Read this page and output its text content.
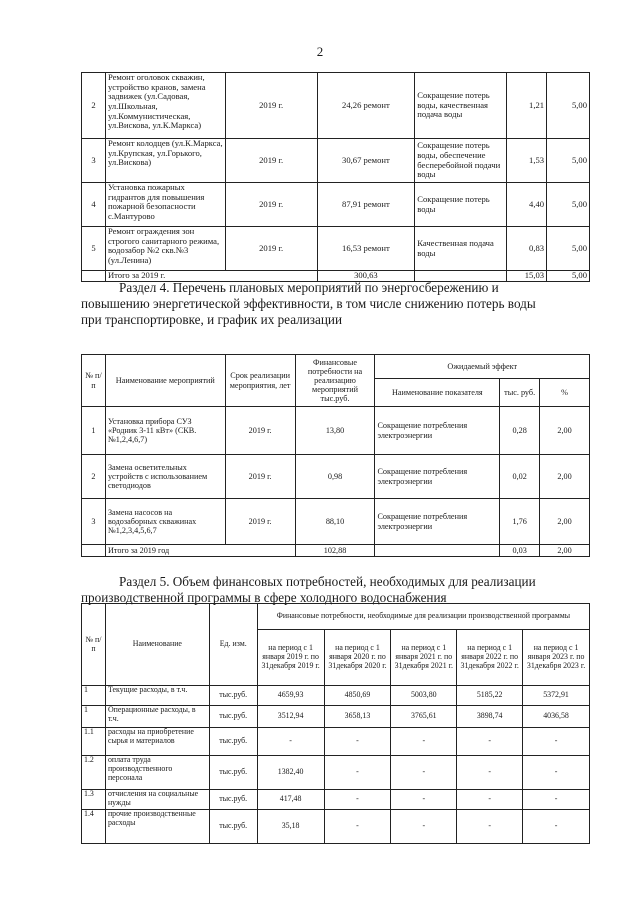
2
2	Ремонт оголовок скважин, устройство кранов, замена задвижек (ул.Садовая, ул.Школьная, ул.Коммунистическая, ул.Вискова, ул.К.Маркса)	2019 г.	24,26 ремонт	Сокращение потерь воды, качественная подача воды	1,21	5,00
3	Ремонт колодцев (ул.К.Маркса, ул.Крупская, ул.Горького, ул.Вискова)	2019 г.	30,67 ремонт	Сокращение потерь воды, обеспечение бесперебойной подачи воды	1,53	5,00
4	Установка пожарных гидрантов для повышения пожарной безопасности с.Мантурово	2019 г.	87,91 ремонт	Сокращение потерь воды	4,40	5,00
5	Ремонт ограждения зон строгого санитарного режима, водозабор №2 скв.№3 (ул.Ленина)	2019 г.	16,53 ремонт	Качественная подача воды	0,83	5,00
	Итого за 2019 г.		300,63		15,03	5,00
Раздел 4. Перечень плановых мероприятий по энергосбережению и
повышению энергетической эффективности, в том числе снижению потерь воды
при транспортировке, и график их реализации
№ п/п	Наименование мероприятий	Срок реализации мероприятия, лет	Финансовые потребности на реализацию мероприятий тыс.руб.	Ожидаемый эффект		
				Наименование показателя	тыс. руб.	%
1	Установка прибора СУЗ «Родник 3-11 кВт» (СКВ.№1,2,4,6,7)	2019 г.	13,80	Сокращение потребления электроэнергии	0,28	2,00
2	Замена осветительных устройств с использованием светодиодов	2019 г.	0,98	Сокращение потребления электроэнергии	0,02	2,00
3	Замена насосов на водозаборных скважинах №1,2,3,4,5,6,7	2019 г.	88,10	Сокращение потребления электроэнергии	1,76	2,00
	Итого за 2019 год		102,88		0,03	2,00
Раздел 5. Объем финансовых потребностей, необходимых для реализации
производственной программы в сфере холодного водоснабжения
№ п/п	Наименование	Ед. изм.	Финансовые потребности, необходимые для реализации производственной программы				
			на период с 1 января 2019 г. по 31декабря 2019 г.	на период с 1 января 2020 г. по 31декабря 2020 г.	на период с 1 января 2021 г. по 31декабря 2021 г.	на период с 1 января 2022 г. по 31декабря 2022 г.	на период с 1 января 2023 г. по 31декабря 2023 г.
1	Текущие расходы, в т.ч.	тыс.руб.	4659,93	4850,69	5003,80	5185,22	5372,91
1	Операционные расходы, в т.ч.	тыс.руб.	3512,94	3658,13	3765,61	3898,74	4036,58
1.1	расходы на приобретение сырья и материалов	тыс.руб.	-	-	-	-	-
1.2	оплата труда производственного персонала	тыс.руб.	1382,40	-	-	-	-
1.3	отчисления на социальные нужды	тыс.руб.	417,48	-	-	-	-
1.4	прочие производственные расходы	тыс.руб.	35,18	-	-	-	-
